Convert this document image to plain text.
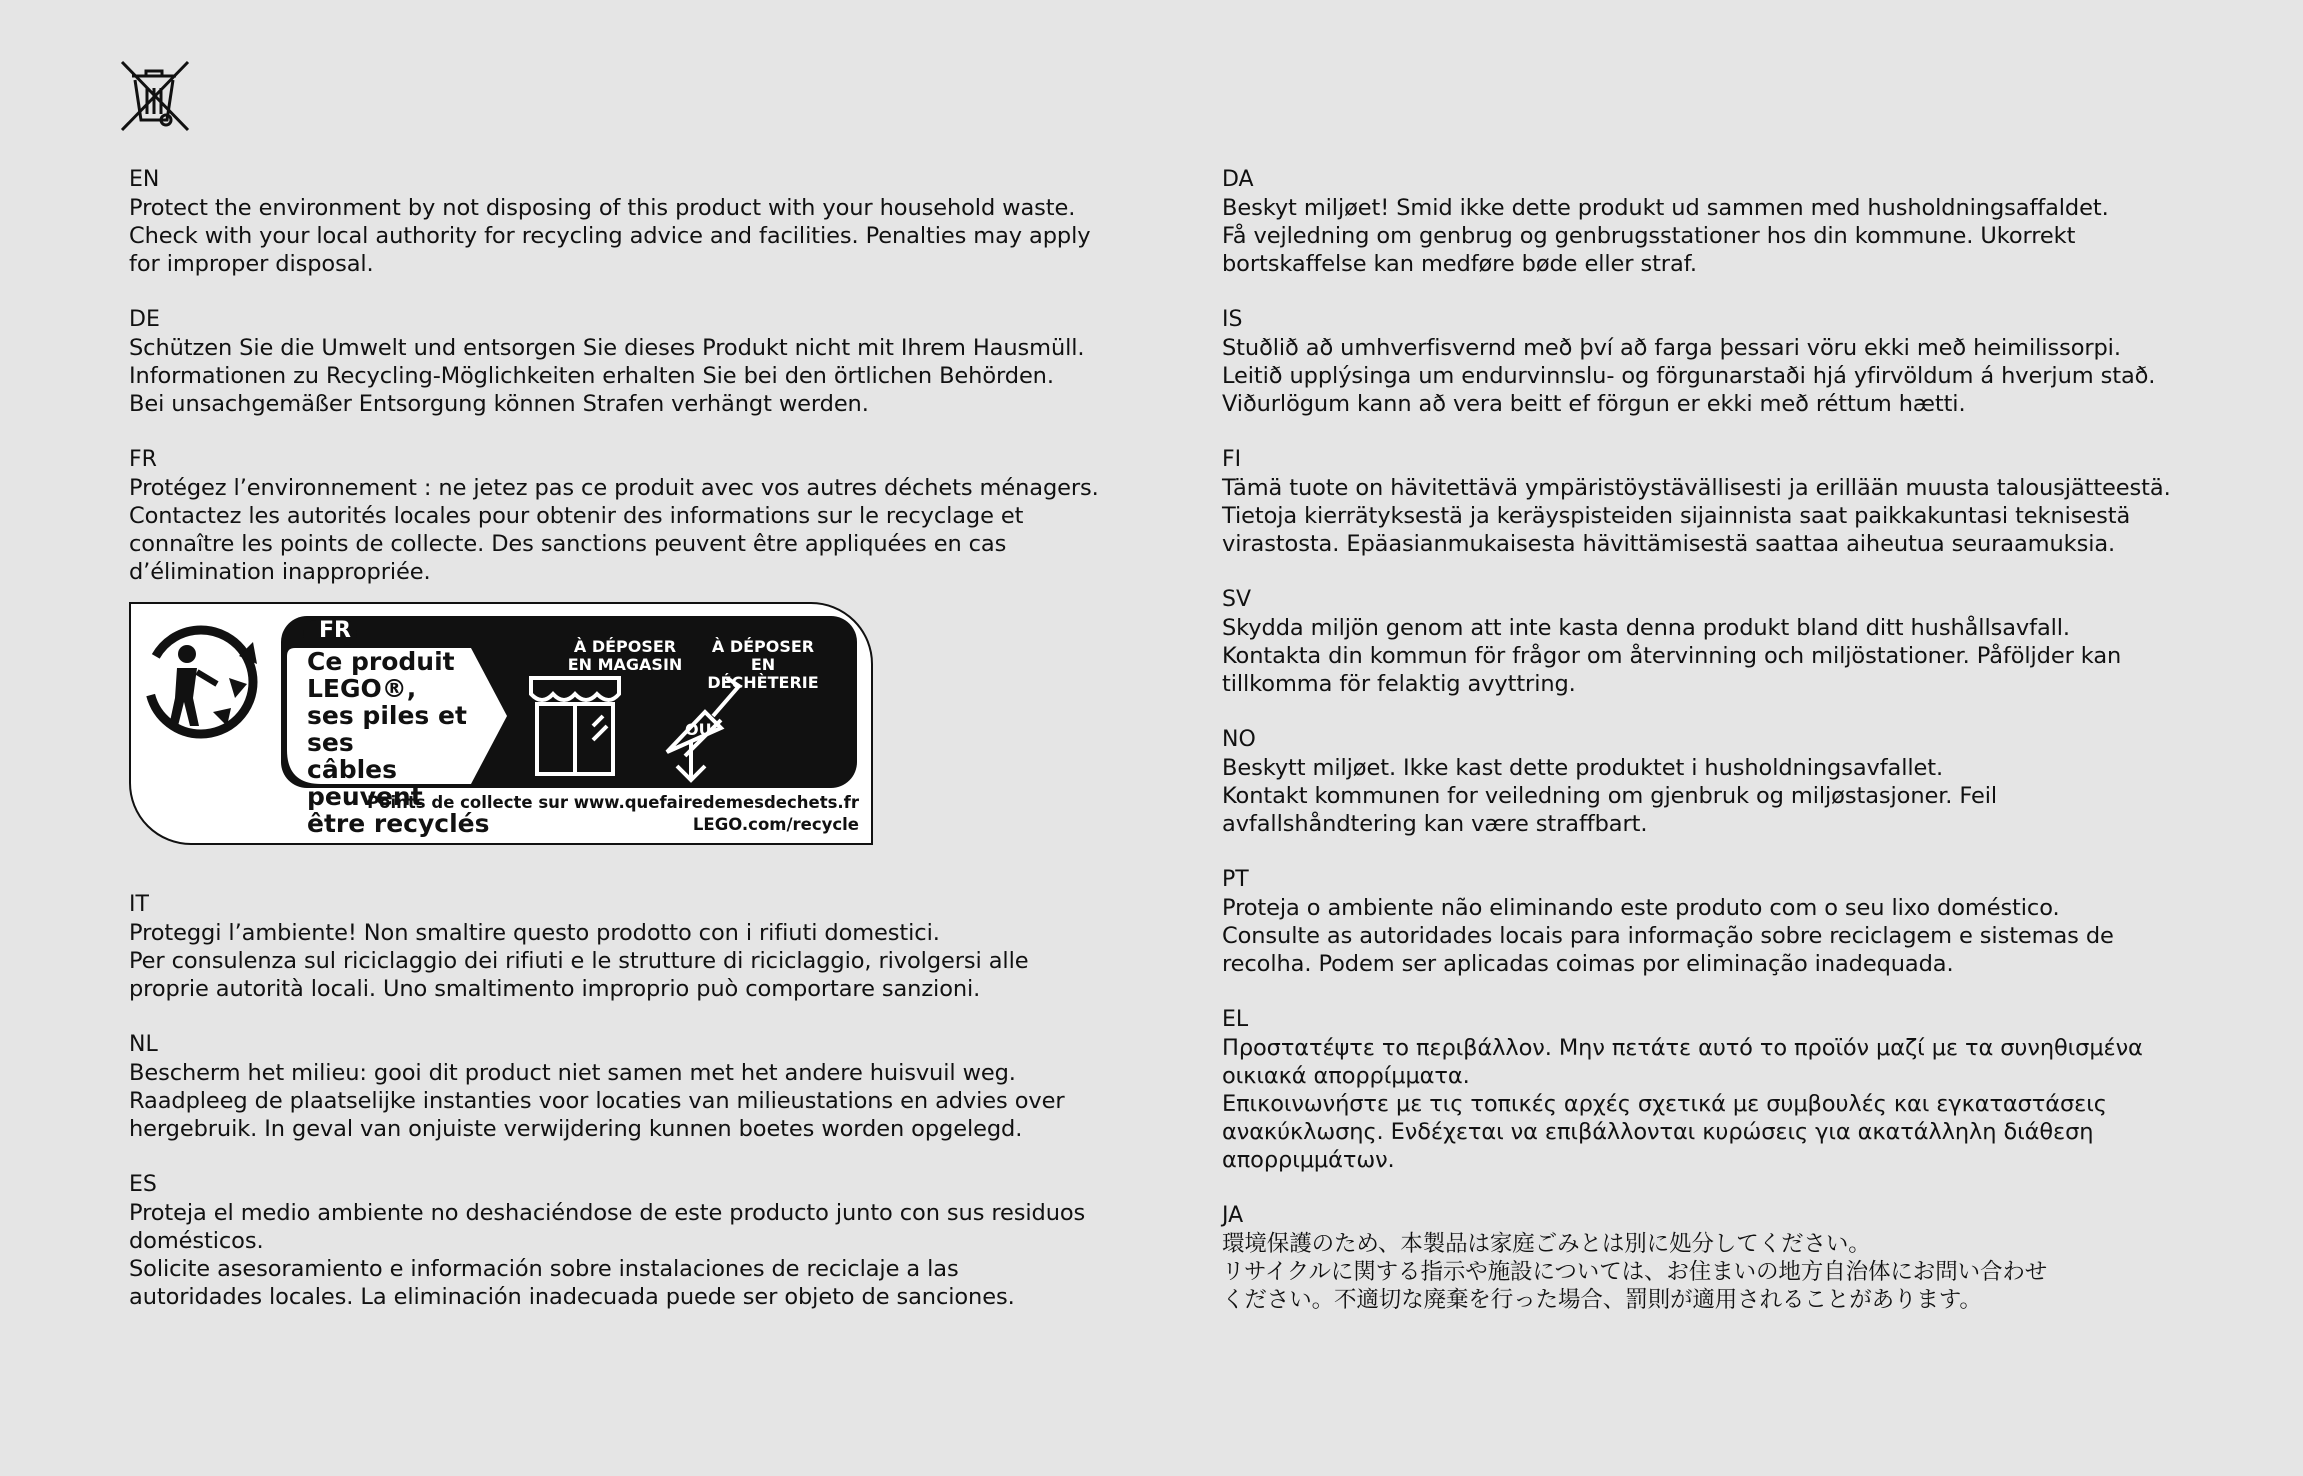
EN
Protect the environment by not disposing of this product with your household waste.
Check with your local authority for recycling advice and facilities. Penalties may apply
for improper disposal.
DE
Schützen Sie die Umwelt und entsorgen Sie dieses Produkt nicht mit Ihrem Hausmüll.
Informationen zu Recycling-Möglichkeiten erhalten Sie bei den örtlichen Behörden.
Bei unsachgemäßer Entsorgung können Strafen verhängt werden.
FR
Protégez l’environnement : ne jetez pas ce produit avec vos autres déchets ménagers.
Contactez les autorités locales pour obtenir des informations sur le recyclage et
connaître les points de collecte. Des sanctions peuvent être appliquées en cas
d’élimination inappropriée.
FR
Ce produit LEGO®,
ses piles et ses
câbles peuvent
être recyclés
À DÉPOSER
EN MAGASIN
À DÉPOSER
EN DÉCHÈTERIE
OU
Points de collecte sur www.quefairedemesdechets.fr
LEGO.com/recycle
IT
Proteggi l’ambiente! Non smaltire questo prodotto con i rifiuti domestici.
Per consulenza sul riciclaggio dei rifiuti e le strutture di riciclaggio, rivolgersi alle
proprie autorità locali. Uno smaltimento improprio può comportare sanzioni.
NL
Bescherm het milieu: gooi dit product niet samen met het andere huisvuil weg.
Raadpleeg de plaatselijke instanties voor locaties van milieustations en advies over
hergebruik. In geval van onjuiste verwijdering kunnen boetes worden opgelegd.
ES
Proteja el medio ambiente no deshaciéndose de este producto junto con sus residuos
domésticos.
Solicite asesoramiento e información sobre instalaciones de reciclaje a las
autoridades locales. La eliminación inadecuada puede ser objeto de sanciones.
DA
Beskyt miljøet! Smid ikke dette produkt ud sammen med husholdningsaffaldet.
Få vejledning om genbrug og genbrugsstationer hos din kommune. Ukorrekt
bortskaffelse kan medføre bøde eller straf.
IS
Stuðlið að umhverfisvernd með því að farga þessari vöru ekki með heimilissorpi.
Leitið upplýsinga um endurvinnslu- og förgunarstaði hjá yfirvöldum á hverjum stað.
Viðurlögum kann að vera beitt ef förgun er ekki með réttum hætti.
FI
Tämä tuote on hävitettävä ympäristöystävällisesti ja erillään muusta talousjätteestä.
Tietoja kierrätyksestä ja keräyspisteiden sijainnista saat paikkakuntasi teknisestä
virastosta. Epäasianmukaisesta hävittämisestä saattaa aiheutua seuraamuksia.
SV
Skydda miljön genom att inte kasta denna produkt bland ditt hushållsavfall.
Kontakta din kommun för frågor om återvinning och miljöstationer. Påföljder kan
tillkomma för felaktig avyttring.
NO
Beskytt miljøet. Ikke kast dette produktet i husholdningsavfallet.
Kontakt kommunen for veiledning om gjenbruk og miljøstasjoner. Feil
avfallshåndtering kan være straffbart.
PT
Proteja o ambiente não eliminando este produto com o seu lixo doméstico.
Consulte as autoridades locais para informação sobre reciclagem e sistemas de
recolha. Podem ser aplicadas coimas por eliminação inadequada.
EL
Προστατέψτε το περιβάλλον. Μην πετάτε αυτό το προϊόν μαζί με τα συνηθισμένα
οικιακά απορρίμματα.
Επικοινωνήστε με τις τοπικές αρχές σχετικά με συμβουλές και εγκαταστάσεις
ανακύκλωσης. Ενδέχεται να επιβάλλονται κυρώσεις για ακατάλληλη διάθεση
απορριμμάτων.
JA
環境保護のため、本製品は家庭ごみとは別に処分してください。
リサイクルに関する指示や施設については、お住まいの地方自治体にお問い合わせ
ください。不適切な廃棄を行った場合、罰則が適用されることがあります。
